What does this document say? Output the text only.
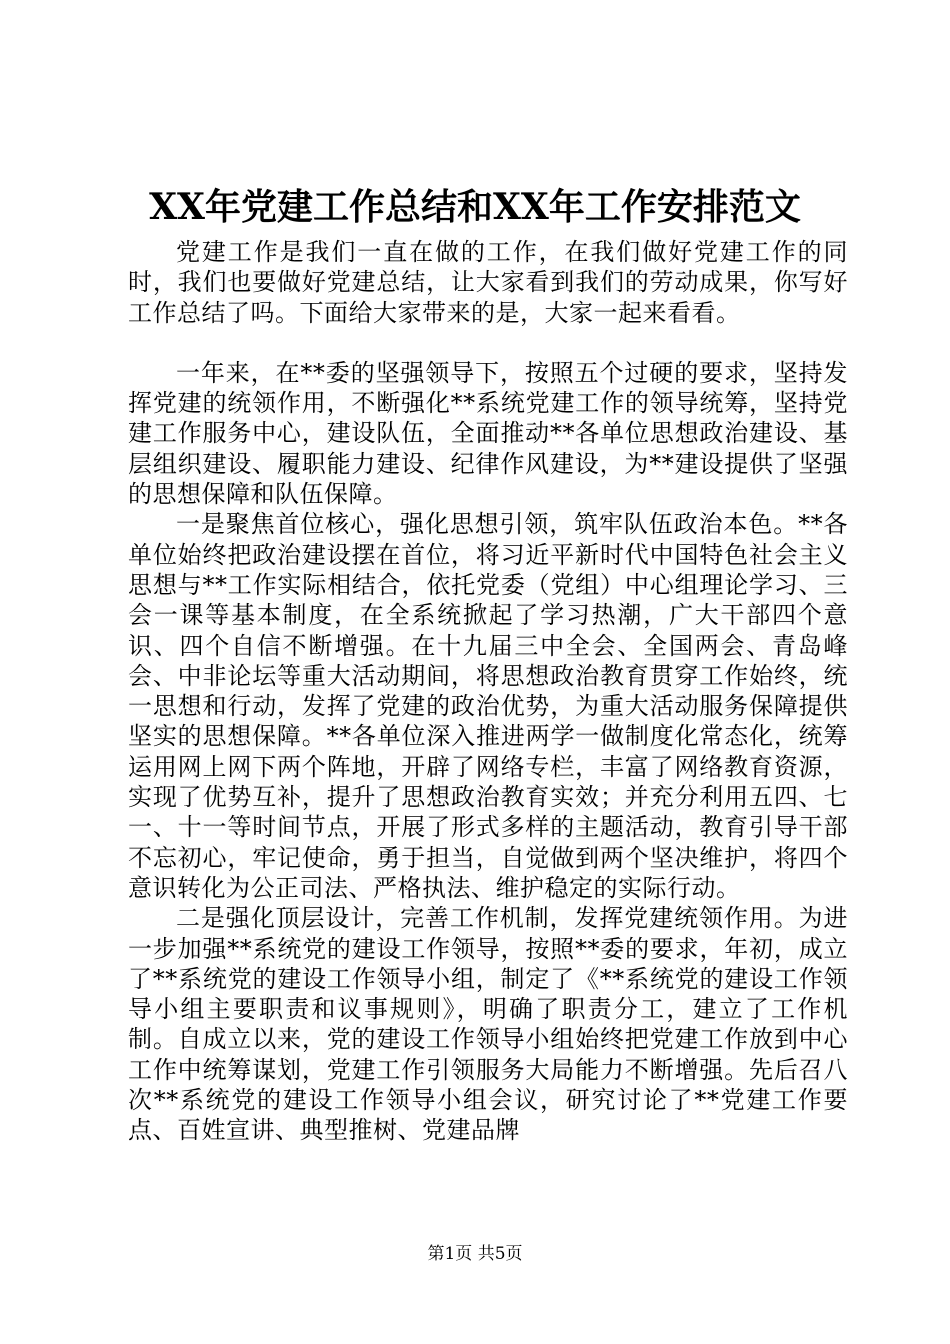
XX年党建工作总结和XX年工作安排范文

党建工作是我们一直在做的工作，在我们做好党建工作的同时，我们也要做好党建总结，让大家看到我们的劳动成果，你写好工作总结了吗。下面给大家带来的是，大家一起来看看。

一年来，在**委的坚强领导下，按照五个过硬的要求，坚持发挥党建的统领作用，不断强化**系统党建工作的领导统筹，坚持党建工作服务中心，建设队伍，全面推动**各单位思想政治建设、基层组织建设、履职能力建设、纪律作风建设，为**建设提供了坚强的思想保障和队伍保障。

一是聚焦首位核心，强化思想引领，筑牢队伍政治本色。**各单位始终把政治建设摆在首位，将习近平新时代中国特色社会主义思想与**工作实际相结合，依托党委（党组）中心组理论学习、三会一课等基本制度，在全系统掀起了学习热潮，广大干部四个意识、四个自信不断增强。在十九届三中全会、全国两会、青岛峰会、中非论坛等重大活动期间，将思想政治教育贯穿工作始终，统一思想和行动，发挥了党建的政治优势，为重大活动服务保障提供坚实的思想保障。**各单位深入推进两学一做制度化常态化，统筹运用网上网下两个阵地，开辟了网络专栏，丰富了网络教育资源，实现了优势互补，提升了思想政治教育实效；并充分利用五四、七一、十一等时间节点，开展了形式多样的主题活动，教育引导干部不忘初心，牢记使命，勇于担当，自觉做到两个坚决维护，将四个意识转化为公正司法、严格执法、维护稳定的实际行动。

二是强化顶层设计，完善工作机制，发挥党建统领作用。为进一步加强**系统党的建设工作领导，按照**委的要求，年初，成立了**系统党的建设工作领导小组，制定了《**系统党的建设工作领导小组主要职责和议事规则》，明确了职责分工，建立了工作机制。自成立以来，党的建设工作领导小组始终把党建工作放到中心工作中统筹谋划，党建工作引领服务大局能力不断增强。先后召八次**系统党的建设工作领导小组会议，研究讨论了**党建工作要点、百姓宣讲、典型推树、党建品牌

第1页 共5页
